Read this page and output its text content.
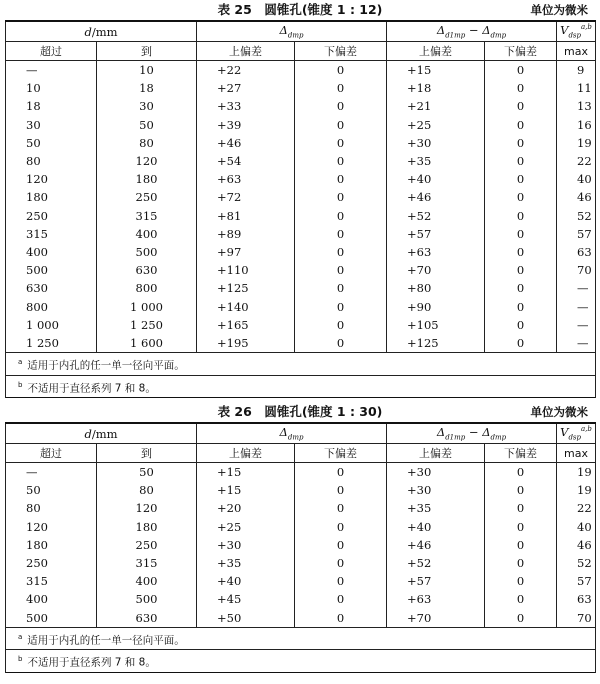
表 25　圆锥孔(锥度 1 : 12)	单位为微米
d/mm		$\Delta_{dmp}$		$\Delta_{d1mp} - \Delta_{dmp}$		$V_{dsp}^{a,b}$
超过	到	上偏差	下偏差	上偏差	下偏差	max
—	10	+22	0	+15	0	9
10	18	+27	0	+18	0	11
18	30	+33	0	+21	0	13
30	50	+39	0	+25	0	16
50	80	+46	0	+30	0	19
80	120	+54	0	+35	0	22
120	180	+63	0	+40	0	40
180	250	+72	0	+46	0	46
250	315	+81	0	+52	0	52
315	400	+89	0	+57	0	57
400	500	+97	0	+63	0	63
500	630	+110	0	+70	0	70
630	800	+125	0	+80	0	—
800	1 000	+140	0	+90	0	—
1 000	1 250	+165	0	+105	0	—
1 250	1 600	+195	0	+125	0	—
$^a$ 适用于内孔的任一单一径向平面。						
$^b$ 不适用于直径系列 7 和 8。						
表 26　圆锥孔(锥度 1 : 30)	单位为微米
d/mm		$\Delta_{dmp}$		$\Delta_{d1mp} - \Delta_{dmp}$		$V_{dsp}^{a,b}$
超过	到	上偏差	下偏差	上偏差	下偏差	max
—	50	+15	0	+30	0	19
50	80	+15	0	+30	0	19
80	120	+20	0	+35	0	22
120	180	+25	0	+40	0	40
180	250	+30	0	+46	0	46
250	315	+35	0	+52	0	52
315	400	+40	0	+57	0	57
400	500	+45	0	+63	0	63
500	630	+50	0	+70	0	70
$^a$ 适用于内孔的任一单一径向平面。						
$^b$ 不适用于直径系列 7 和 8。						
